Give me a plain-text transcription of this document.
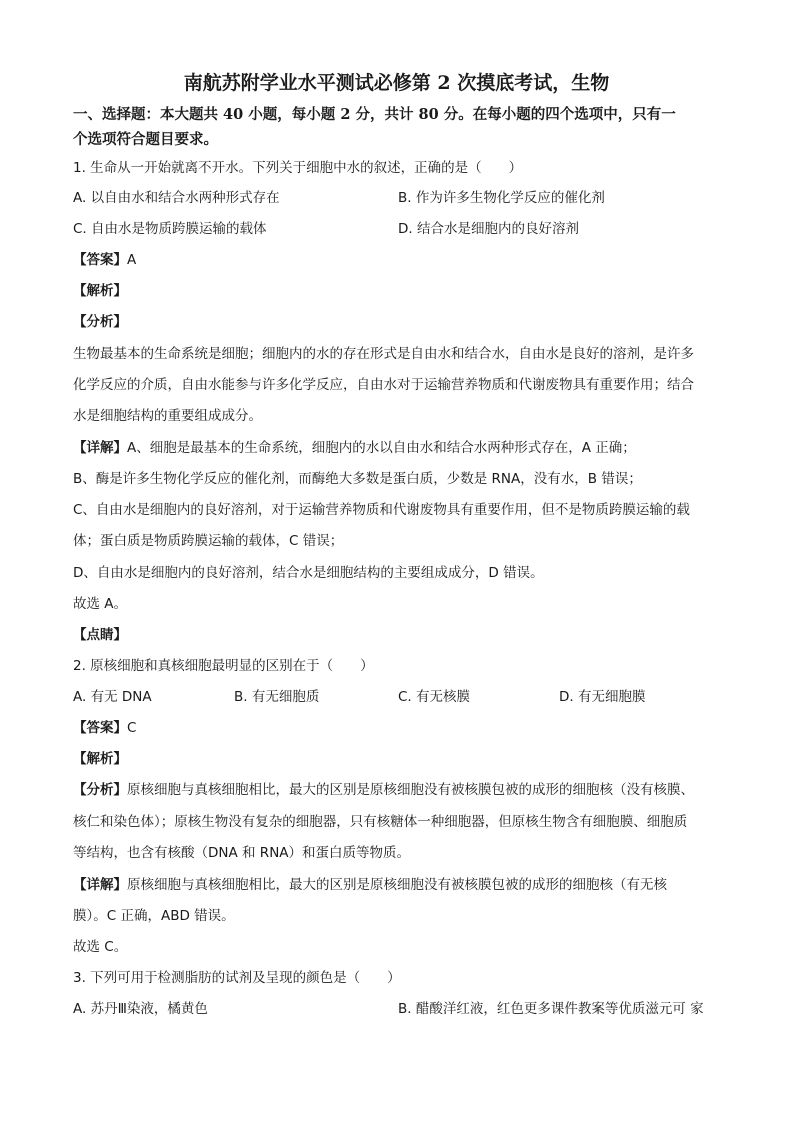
南航苏附学业水平测试必修第 2 次摸底考试，生物
一、选择题：本大题共 40 小题，每小题 2 分，共计 80 分。在每小题的四个选项中，只有一
个选项符合题目要求。
1. 生命从一开始就离不开水。下列关于细胞中水的叙述，正确的是（　　）
A. 以自由水和结合水两种形式存在	B. 作为许多生物化学反应的催化剂
C. 自由水是物质跨膜运输的载体	D. 结合水是细胞内的良好溶剂
【答案】A
【解析】
【分析】
生物最基本的生命系统是细胞；细胞内的水的存在形式是自由水和结合水，自由水是良好的溶剂，是许多
化学反应的介质，自由水能参与许多化学反应，自由水对于运输营养物质和代谢废物具有重要作用；结合
水是细胞结构的重要组成成分。
【详解】A、细胞是最基本的生命系统，细胞内的水以自由水和结合水两种形式存在，A 正确；
B、酶是许多生物化学反应的催化剂，而酶绝大多数是蛋白质，少数是 RNA，没有水，B 错误；
C、自由水是细胞内的良好溶剂，对于运输营养物质和代谢废物具有重要作用，但不是物质跨膜运输的载
体；蛋白质是物质跨膜运输的载体，C 错误；
D、自由水是细胞内的良好溶剂，结合水是细胞结构的主要组成成分，D 错误。
故选 A。
【点睛】
2. 原核细胞和真核细胞最明显的区别在于（　　）
A. 有无 DNA	B. 有无细胞质	C. 有无核膜	D. 有无细胞膜
【答案】C
【解析】
【分析】原核细胞与真核细胞相比，最大的区别是原核细胞没有被核膜包被的成形的细胞核（没有核膜、
核仁和染色体）；原核生物没有复杂的细胞器，只有核糖体一种细胞器，但原核生物含有细胞膜、细胞质
等结构，也含有核酸（DNA 和 RNA）和蛋白质等物质。
【详解】原核细胞与真核细胞相比，最大的区别是原核细胞没有被核膜包被的成形的细胞核（有无核
膜）。C 正确，ABD 错误。
故选 C。
3. 下列可用于检测脂肪的试剂及呈现的颜色是（　　）
A. 苏丹Ⅲ染液，橘黄色	B. 醋酸洋红液，红色更多课件教案等优质滋元可 家
